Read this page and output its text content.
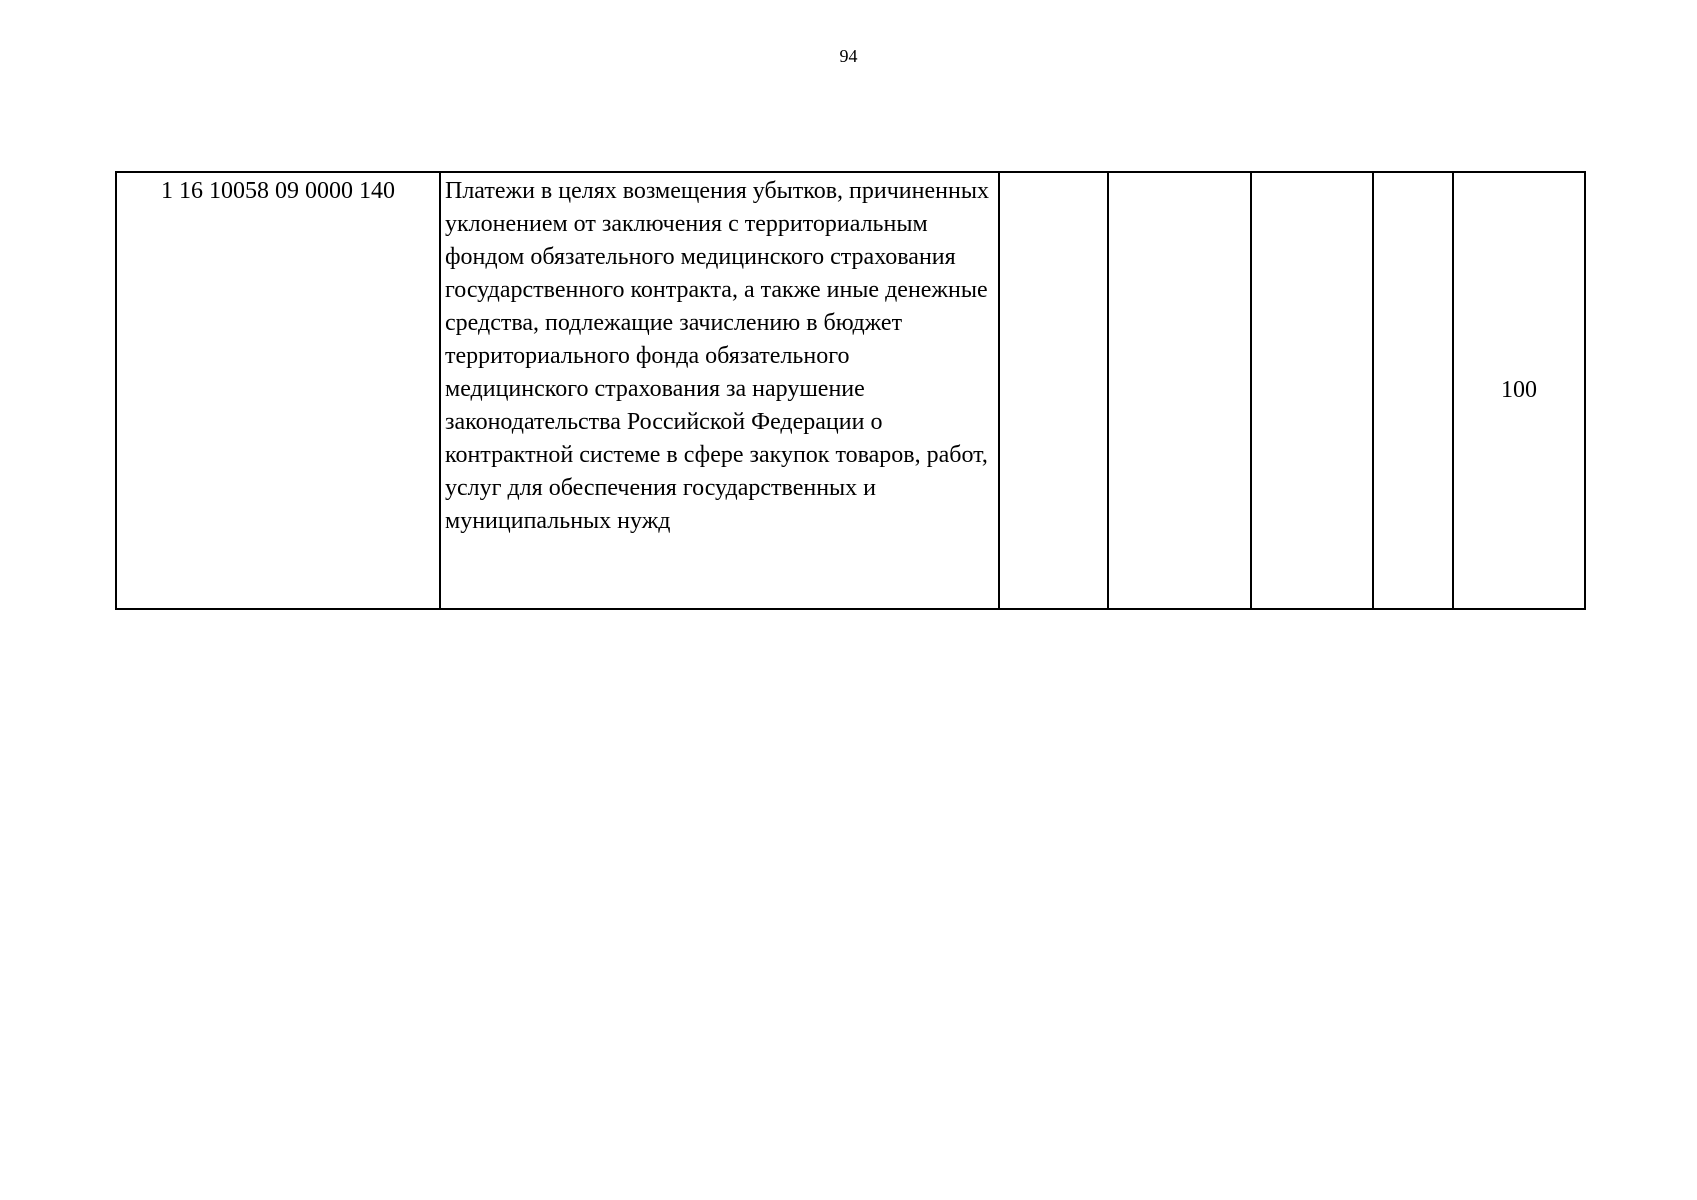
94
1 16 10058 09 0000 140	Платежи в целях возмещения убытков, причиненных уклонением от заключения с территориальным фондом обязательного медицинского страхования государственного контракта, а также иные денежные средства, подлежащие зачислению в бюджет территориального фонда обязательного медицинского страхования за нарушение законодательства Российской Федерации о контрактной системе в сфере закупок товаров, работ, услуг для обеспечения государственных и муниципальных нужд					100
